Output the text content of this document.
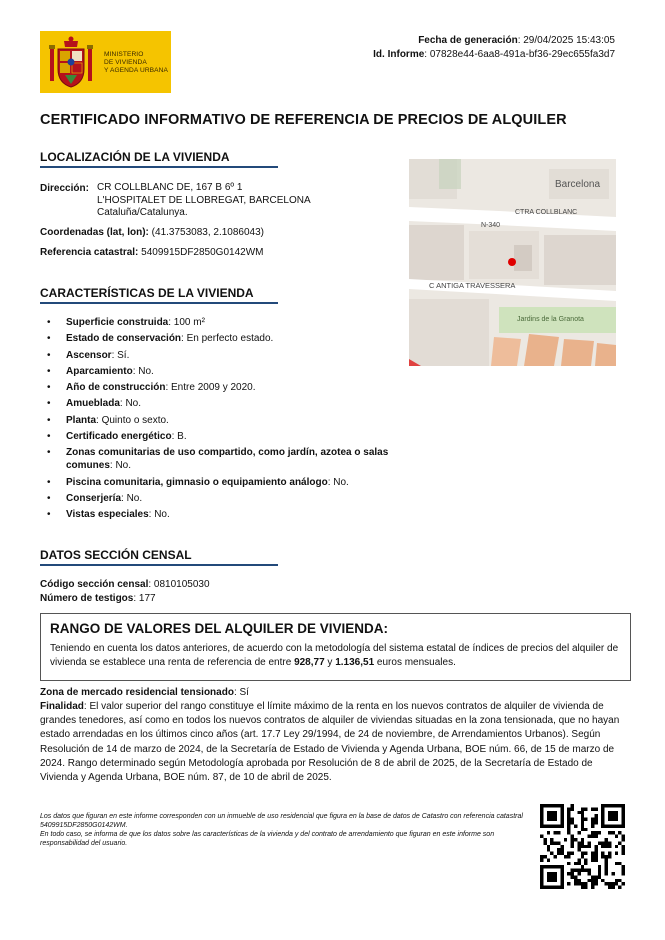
MINISTERIO
DE VIVIENDA
Y AGENDA URBANA
Fecha de generación: 29/04/2025 15:43:05
Id. Informe: 07828e44-6aa8-491a-bf36-29ec655fa3d7
CERTIFICADO INFORMATIVO DE REFERENCIA DE PRECIOS DE ALQUILER
LOCALIZACIÓN DE LA VIVIENDA
Dirección: CR COLLBLANC DE, 167 B 6º 1
L'HOSPITALET DE LLOBREGAT, BARCELONA
Cataluña/Catalunya.
Coordenadas (lat, lon): (41.3753083, 2.1086043)
Referencia catastral: 5409915DF2850G0142WM
Barcelona
CTRA COLLBLANC
N-340
C ANTIGA TRAVESSERA
Jardins de la Granota
CARACTERÍSTICAS DE LA VIVIENDA
• Superficie construida: 100 m²
• Estado de conservación: En perfecto estado.
• Ascensor: Sí.
• Aparcamiento: No.
• Año de construcción: Entre 2009 y 2020.
• Amueblada: No.
• Planta: Quinto o sexto.
• Certificado energético: B.
• Zonas comunitarias de uso compartido, como jardín, azotea o salas comunes: No.
• Piscina comunitaria, gimnasio o equipamiento análogo: No.
• Conserjería: No.
• Vistas especiales: No.
DATOS SECCIÓN CENSAL
Código sección censal: 0810105030
Número de testigos: 177
RANGO DE VALORES DEL ALQUILER DE VIVIENDA:
Teniendo en cuenta los datos anteriores, de acuerdo con la metodología del sistema estatal de índices de precios del alquiler de vivienda se establece una renta de referencia de entre 928,77 y 1.136,51 euros mensuales.
Zona de mercado residencial tensionado: Sí
Finalidad: El valor superior del rango constituye el límite máximo de la renta en los nuevos contratos de alquiler de vivienda de grandes tenedores, así como en todos los nuevos contratos de alquiler de viviendas situadas en la zona tensionada, que no hayan estado arrendadas en los últimos cinco años (art. 17.7 Ley 29/1994, de 24 de noviembre, de Arrendamientos Urbanos). Según Resolución de 14 de marzo de 2024, de la Secretaría de Estado de Vivienda y Agenda Urbana, BOE núm. 66, de 15 de marzo de 2024. Rango determinado según Metodología aprobada por Resolución de 8 de abril de 2025, de la Secretaría de Estado de Vivienda y Agenda Urbana, BOE núm. 87, de 10 de abril de 2025.
Los datos que figuran en este informe corresponden con un inmueble de uso residencial que figura en la base de datos de Catastro con referencia catastral 5409915DF2850G0142WM.
En todo caso, se informa de que los datos sobre las características de la vivienda y del contrato de arrendamiento que figuran en este informe son responsabilidad del usuario.
